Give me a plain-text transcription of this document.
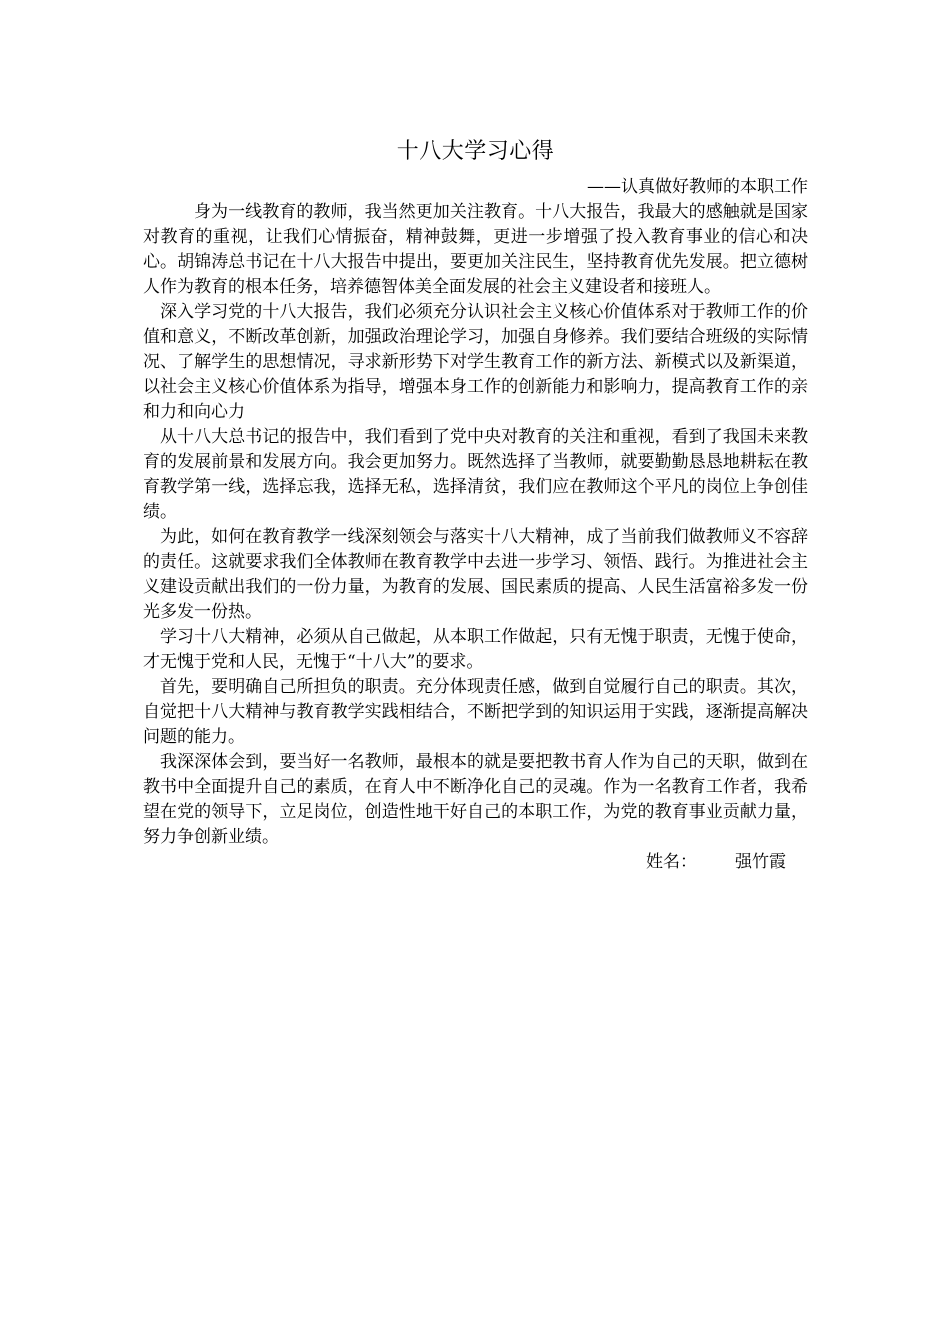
十八大学习心得

——认真做好教师的本职工作

身为一线教育的教师，我当然更加关注教育。十八大报告，我最大的感触就是国家对教育的重视，让我们心情振奋，精神鼓舞，更进一步增强了投入教育事业的信心和决心。胡锦涛总书记在十八大报告中提出，要更加关注民生，坚持教育优先发展。把立德树人作为教育的根本任务，培养德智体美全面发展的社会主义建设者和接班人。

深入学习党的十八大报告，我们必须充分认识社会主义核心价值体系对于教师工作的价值和意义，不断改革创新，加强政治理论学习，加强自身修养。我们要结合班级的实际情况、了解学生的思想情况，寻求新形势下对学生教育工作的新方法、新模式以及新渠道，以社会主义核心价值体系为指导，增强本身工作的创新能力和影响力，提高教育工作的亲和力和向心力

从十八大总书记的报告中，我们看到了党中央对教育的关注和重视，看到了我国未来教育的发展前景和发展方向。我会更加努力。既然选择了当教师，就要勤勤恳恳地耕耘在教育教学第一线，选择忘我，选择无私，选择清贫，我们应在教师这个平凡的岗位上争创佳绩。

为此，如何在教育教学一线深刻领会与落实十八大精神，成了当前我们做教师义不容辞的责任。这就要求我们全体教师在教育教学中去进一步学习、领悟、践行。为推进社会主义建设贡献出我们的一份力量，为教育的发展、国民素质的提高、人民生活富裕多发一份光多发一份热。

学习十八大精神，必须从自己做起，从本职工作做起，只有无愧于职责，无愧于使命，才无愧于党和人民，无愧于“十八大”的要求。

首先，要明确自己所担负的职责。充分体现责任感，做到自觉履行自己的职责。其次，自觉把十八大精神与教育教学实践相结合，不断把学到的知识运用于实践，逐渐提高解决问题的能力。

我深深体会到，要当好一名教师，最根本的就是要把教书育人作为自己的天职，做到在教书中全面提升自己的素质，在育人中不断净化自己的灵魂。作为一名教育工作者，我希望在党的领导下，立足岗位，创造性地干好自己的本职工作，为党的教育事业贡献力量，努力争创新业绩。

姓名： 强竹霞
